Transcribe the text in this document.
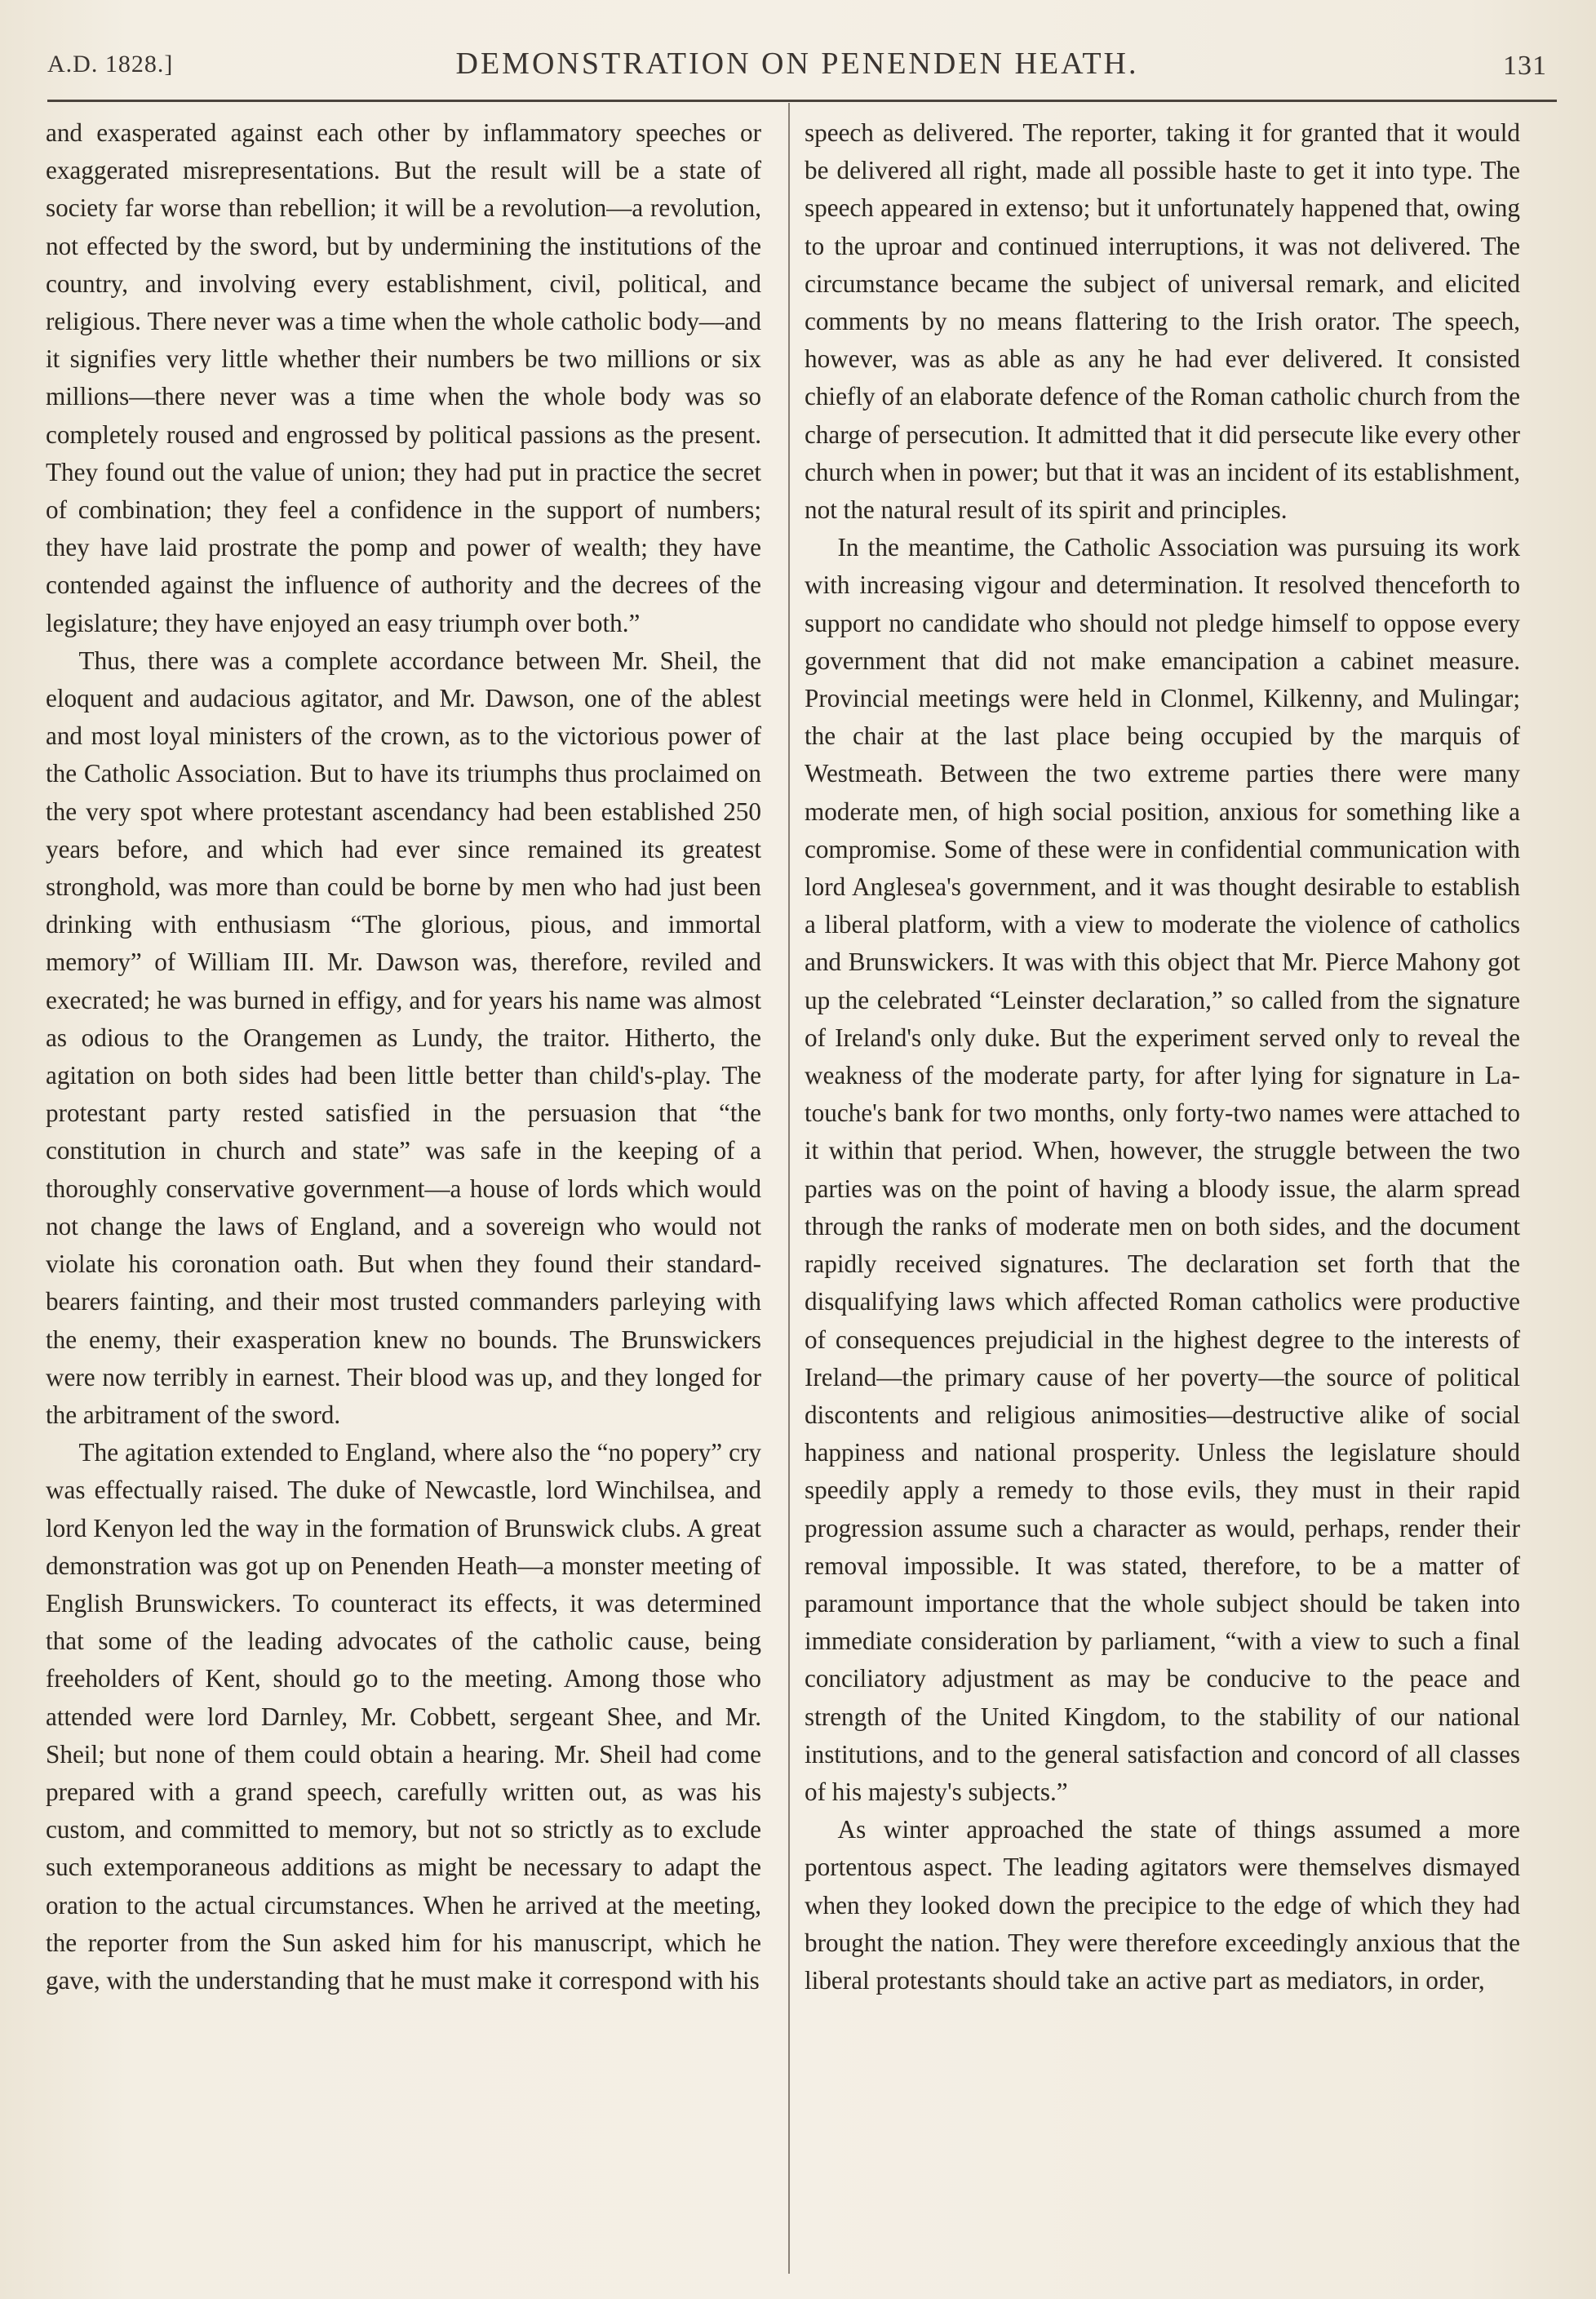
A.D. 1828.]	DEMONSTRATION ON PENENDEN HEATH.	131

and exasperated against each other by inflammatory speeches or exaggerated misrepresentations. But the result will be a state of society far worse than rebellion; it will be a revolution—a revolution, not effected by the sword, but by undermining the institutions of the country, and involving every establishment, civil, political, and religious. There never was a time when the whole catholic body—and it signifies very little whether their numbers be two millions or six millions—there never was a time when the whole body was so completely roused and engrossed by political passions as the present. They found out the value of union; they had put in practice the secret of combination; they feel a confidence in the support of numbers; they have laid prostrate the pomp and power of wealth; they have contended against the influence of authority and the decrees of the legislature; they have enjoyed an easy triumph over both.”

Thus, there was a complete accordance between Mr. Sheil, the eloquent and audacious agitator, and Mr. Dawson, one of the ablest and most loyal ministers of the crown, as to the victorious power of the Catholic Association. But to have its triumphs thus proclaimed on the very spot where protestant ascendancy had been established 250 years before, and which had ever since remained its greatest stronghold, was more than could be borne by men who had just been drinking with enthusiasm “The glorious, pious, and immortal memory” of William III. Mr. Dawson was, therefore, reviled and execrated; he was burned in effigy, and for years his name was almost as odious to the Orangemen as Lundy, the traitor. Hitherto, the agitation on both sides had been little better than child's-play. The protestant party rested satisfied in the persuasion that “the constitution in church and state” was safe in the keeping of a thoroughly conservative government—a house of lords which would not change the laws of England, and a sovereign who would not violate his coronation oath. But when they found their standard-bearers fainting, and their most trusted commanders parleying with the enemy, their exasperation knew no bounds. The Brunswickers were now terribly in earnest. Their blood was up, and they longed for the arbitrament of the sword.

The agitation extended to England, where also the “no popery” cry was effectually raised. The duke of Newcastle, lord Winchilsea, and lord Kenyon led the way in the formation of Brunswick clubs. A great demonstration was got up on Penenden Heath—a monster meeting of English Brunswickers. To counteract its effects, it was determined that some of the leading advocates of the catholic cause, being freeholders of Kent, should go to the meeting. Among those who attended were lord Darnley, Mr. Cobbett, sergeant Shee, and Mr. Sheil; but none of them could obtain a hearing. Mr. Sheil had come prepared with a grand speech, carefully written out, as was his custom, and committed to memory, but not so strictly as to exclude such extemporaneous additions as might be necessary to adapt the oration to the actual circumstances. When he arrived at the meeting, the reporter from the Sun asked him for his manuscript, which he gave, with the understanding that he must make it correspond with his

speech as delivered. The reporter, taking it for granted that it would be delivered all right, made all possible haste to get it into type. The speech appeared in extenso; but it unfortunately happened that, owing to the uproar and continued interruptions, it was not delivered. The circumstance became the subject of universal remark, and elicited comments by no means flattering to the Irish orator. The speech, however, was as able as any he had ever delivered. It consisted chiefly of an elaborate defence of the Roman catholic church from the charge of persecution. It admitted that it did persecute like every other church when in power; but that it was an incident of its establishment, not the natural result of its spirit and principles.

In the meantime, the Catholic Association was pursuing its work with increasing vigour and determination. It resolved thenceforth to support no candidate who should not pledge himself to oppose every government that did not make emancipation a cabinet measure. Provincial meetings were held in Clonmel, Kilkenny, and Mulingar; the chair at the last place being occupied by the marquis of Westmeath. Between the two extreme parties there were many moderate men, of high social position, anxious for something like a compromise. Some of these were in confidential communication with lord Anglesea's government, and it was thought desirable to establish a liberal platform, with a view to moderate the violence of catholics and Brunswickers. It was with this object that Mr. Pierce Mahony got up the celebrated “Leinster declaration,” so called from the signature of Ireland's only duke. But the experiment served only to reveal the weakness of the moderate party, for after lying for signature in La-touche's bank for two months, only forty-two names were attached to it within that period. When, however, the struggle between the two parties was on the point of having a bloody issue, the alarm spread through the ranks of moderate men on both sides, and the document rapidly received signatures. The declaration set forth that the disqualifying laws which affected Roman catholics were productive of consequences prejudicial in the highest degree to the interests of Ireland—the primary cause of her poverty—the source of political discontents and religious animosities—destructive alike of social happiness and national prosperity. Unless the legislature should speedily apply a remedy to those evils, they must in their rapid progression assume such a character as would, perhaps, render their removal impossible. It was stated, therefore, to be a matter of paramount importance that the whole subject should be taken into immediate consideration by parliament, “with a view to such a final conciliatory adjustment as may be conducive to the peace and strength of the United Kingdom, to the stability of our national institutions, and to the general satisfaction and concord of all classes of his majesty's subjects.”

As winter approached the state of things assumed a more portentous aspect. The leading agitators were themselves dismayed when they looked down the precipice to the edge of which they had brought the nation. They were therefore exceedingly anxious that the liberal protestants should take an active part as mediators, in order,
